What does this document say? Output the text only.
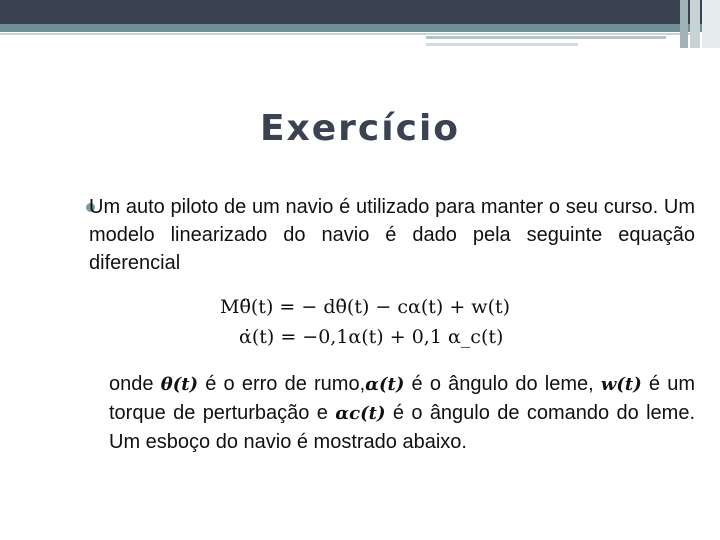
Exercício
Um auto piloto de um navio é utilizado para manter o seu curso. Um modelo linearizado do navio é dado pela seguinte equação diferencial
Mθ̈(t) = − dθ̇(t) − cα(t) + w(t)
α̇(t) = −0,1α(t) + 0,1 α_c(t)
onde θ(t) é o erro de rumo,α(t) é o ângulo do leme, w(t) é um torque de perturbação e αc(t) é o ângulo de comando do leme. Um esboço do navio é mostrado abaixo.
